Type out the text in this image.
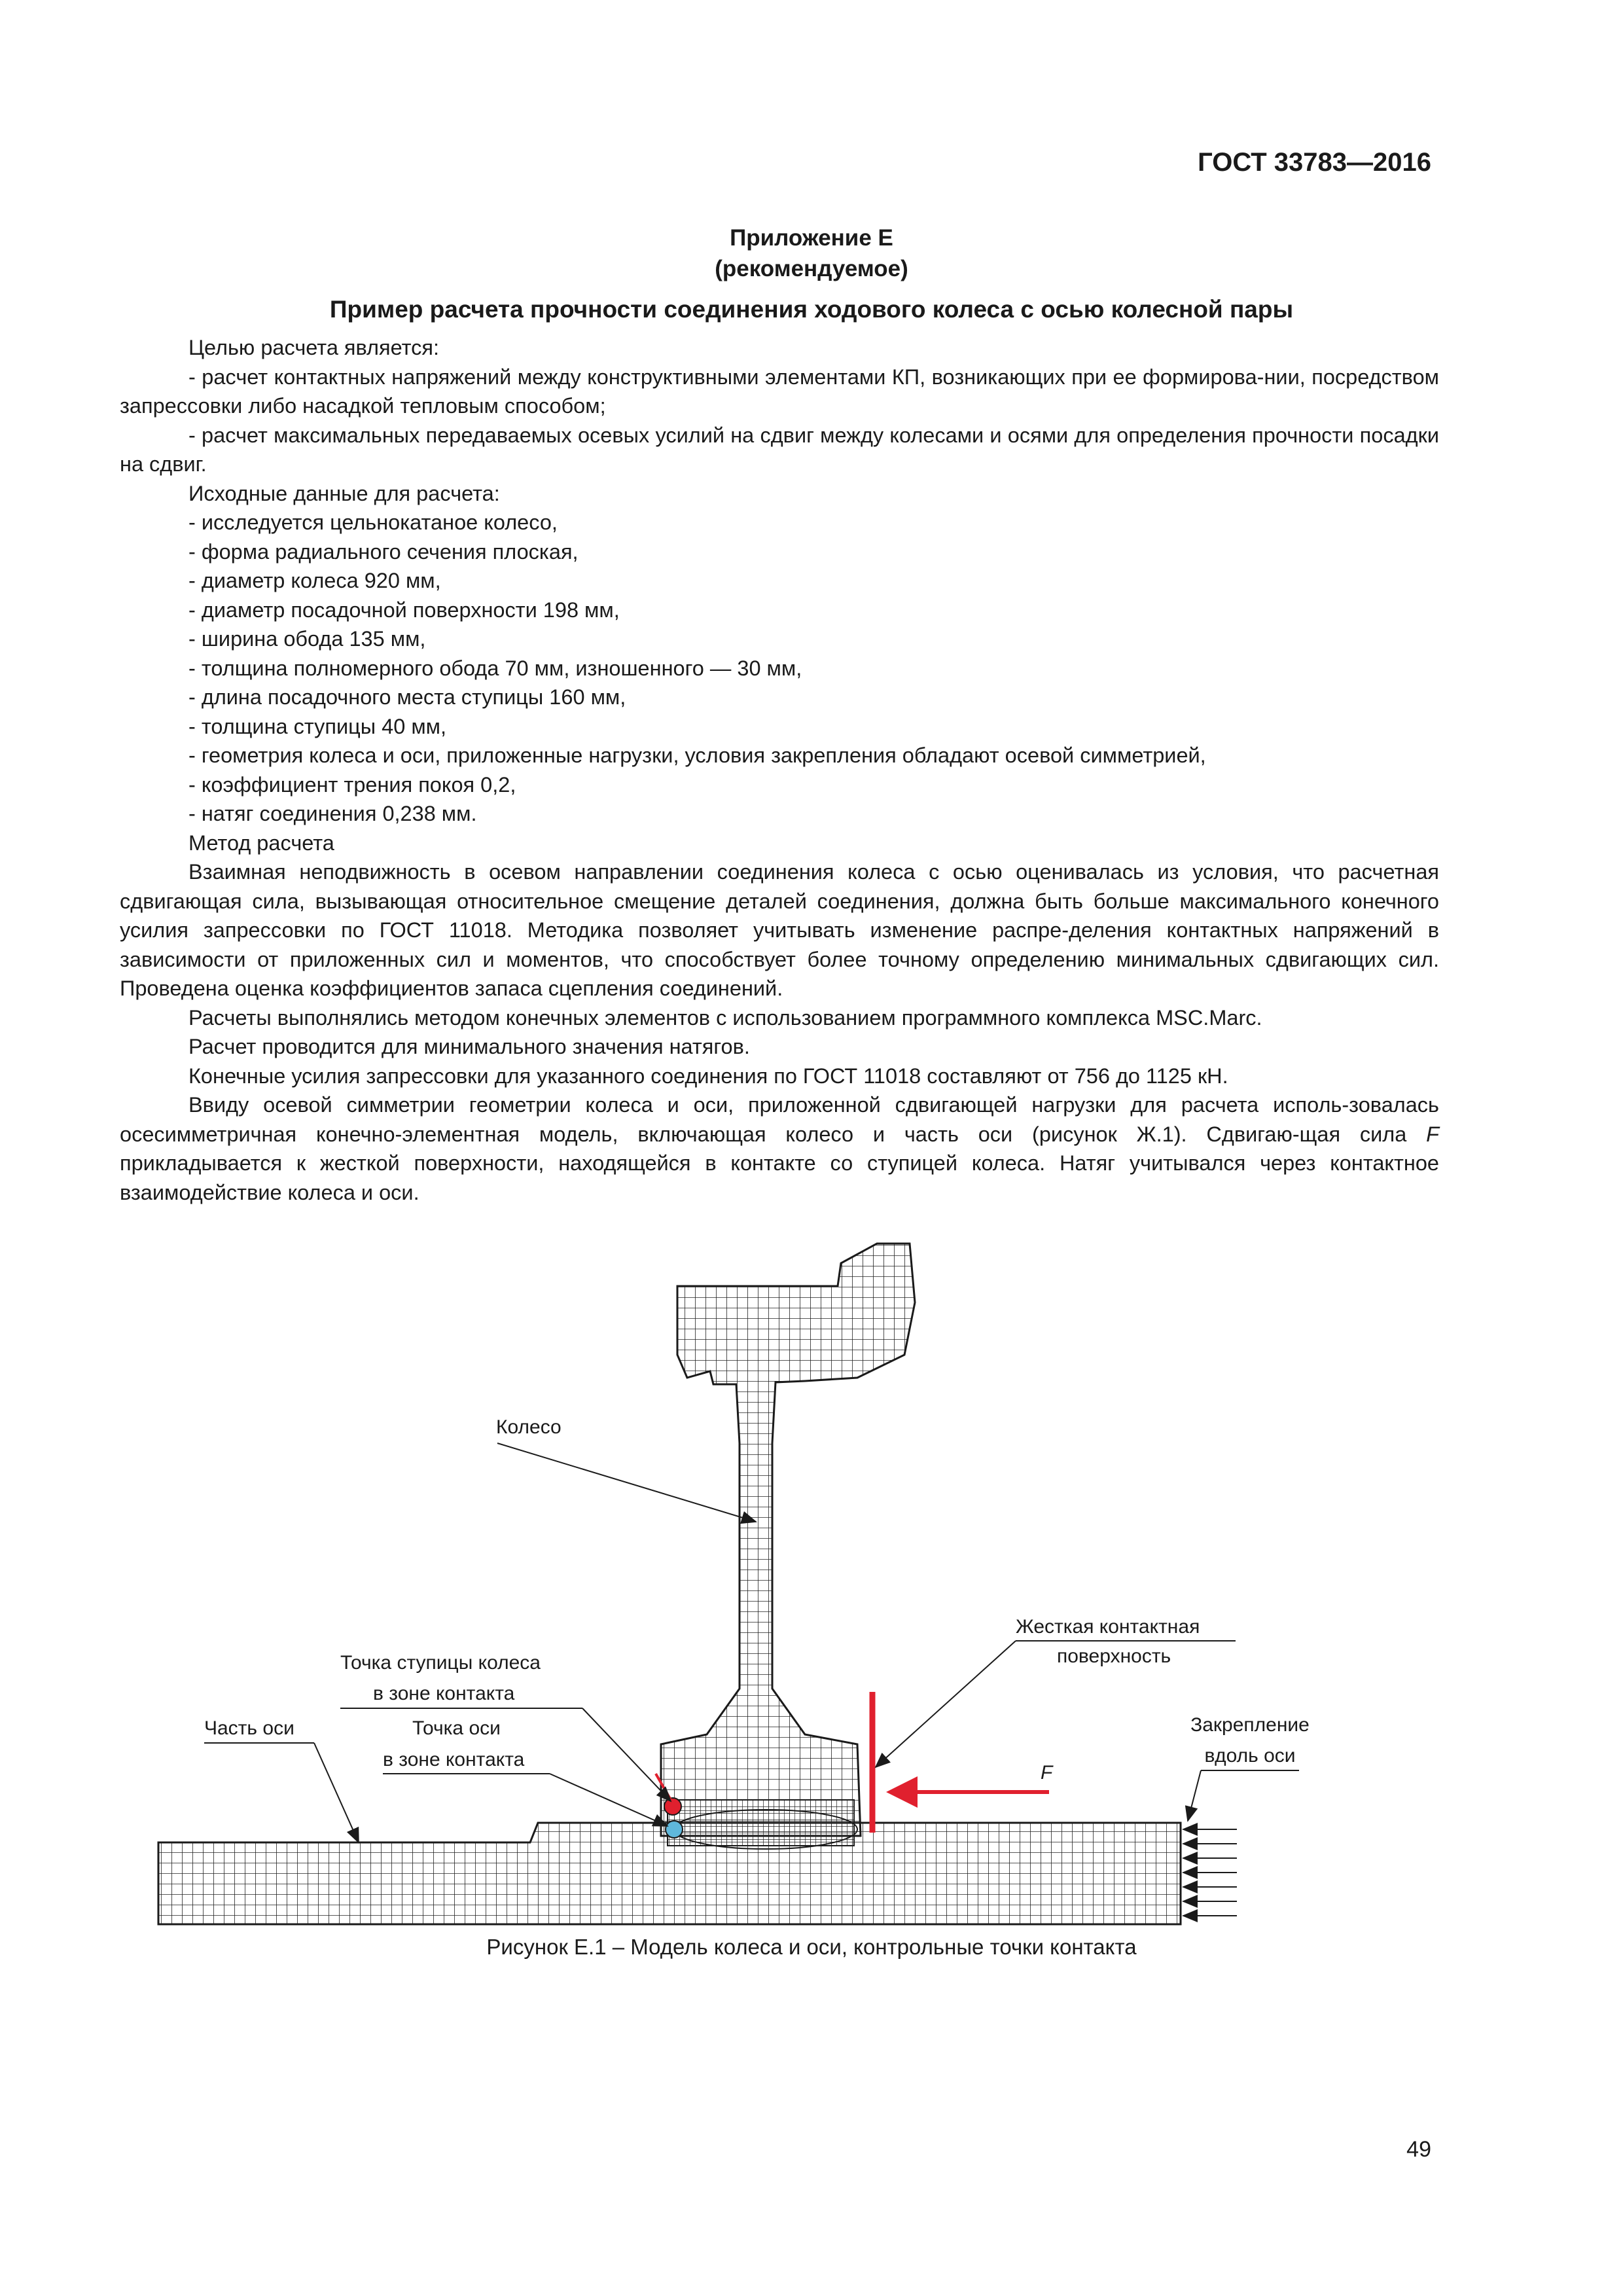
ГОСТ 33783—2016
Приложение Е
(рекомендуемое)
Пример расчета прочности соединения ходового колеса с осью колесной пары

Целью расчета является:

- расчет контактных напряжений между конструктивными элементами КП, возникающих при ее формирова-нии, посредством запрессовки либо насадкой тепловым способом;

- расчет максимальных передаваемых осевых усилий на сдвиг между колесами и осями для определения прочности посадки на сдвиг.

Исходные данные для расчета:

- исследуется цельнокатаное колесо,

- форма радиального сечения плоская,

- диаметр колеса 920 мм,

- диаметр посадочной поверхности 198 мм,

- ширина обода 135 мм,

- толщина полномерного обода 70 мм, изношенного — 30 мм,

- длина посадочного места ступицы 160 мм,

- толщина ступицы 40 мм,

- геометрия колеса и оси, приложенные нагрузки, условия закрепления обладают осевой симметрией,

- коэффициент трения покоя 0,2,

- натяг соединения 0,238 мм.

Метод расчета

Взаимная неподвижность в осевом направлении соединения колеса с осью оценивалась из условия, что расчетная сдвигающая сила, вызывающая относительное смещение деталей соединения, должна быть больше максимального конечного усилия запрессовки по ГОСТ 11018. Методика позволяет учитывать изменение распре-деления контактных напряжений в зависимости от приложенных сил и моментов, что способствует более точному определению минимальных сдвигающих сил. Проведена оценка коэффициентов запаса сцепления соединений.

Расчеты выполнялись методом конечных элементов с использованием программного комплекса MSC.Marc.

Расчет проводится для минимального значения натягов.

Конечные усилия запрессовки для указанного соединения по ГОСТ 11018 составляют от 756 до 1125 кН.

Ввиду осевой симметрии геометрии колеса и оси, приложенной сдвигающей нагрузки для расчета исполь-зовалась осесимметричная конечно-элементная модель, включающая колесо и часть оси (рисунок Ж.1). Сдвигаю-щая сила F прикладывается к жесткой поверхности, находящейся в контакте со ступицей колеса. Натяг учитывался через контактное взаимодействие колеса и оси.

F
Колесо
Точка ступицы колеса
в зоне контакта
Точка оси
в зоне контакта
Часть оси
Жесткая контактная
поверхность
Закрепление
вдоль оси
Рисунок Е.1 – Модель колеса и оси, контрольные точки контакта
49
